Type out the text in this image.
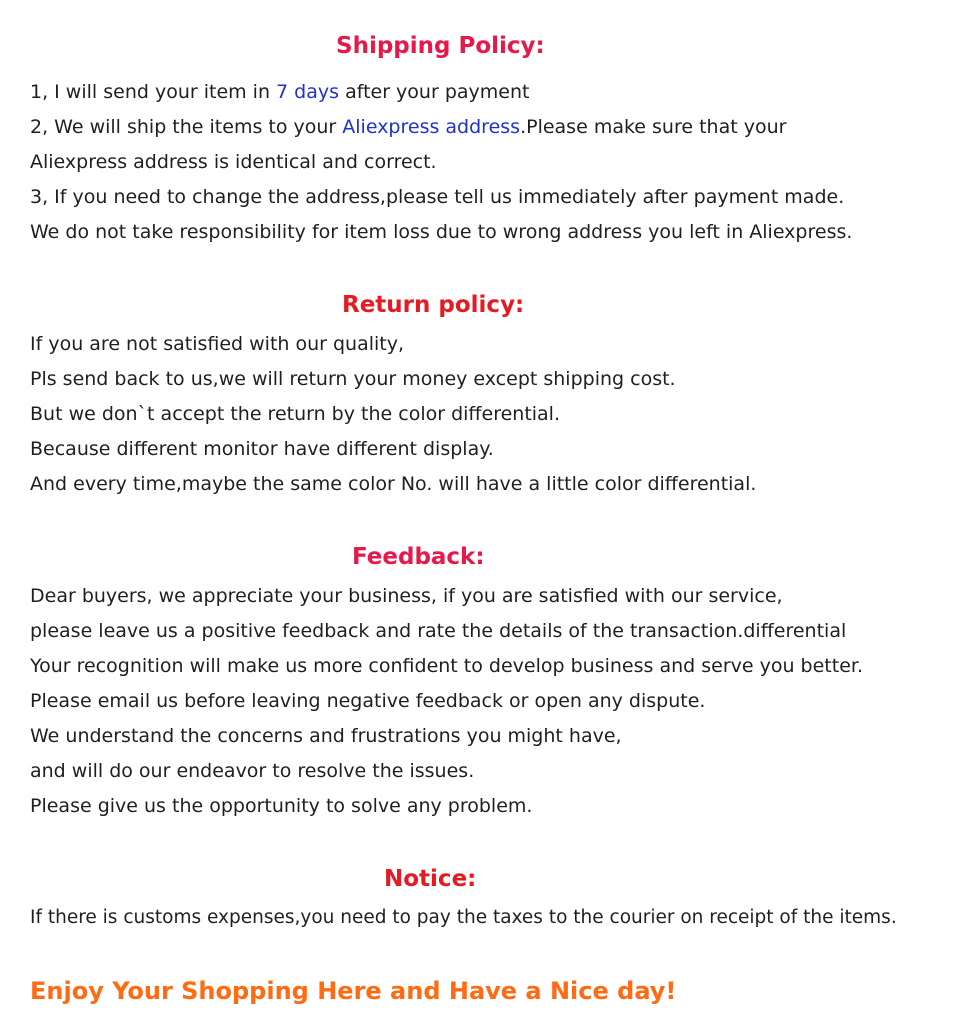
Shipping Policy:
1, I will send your item in 7 days after your payment
2, We will ship the items to your Aliexpress address.Please make sure that your
Aliexpress address is identical and correct.
3, If you need to change the address,please tell us immediately after payment made.
We do not take responsibility for item loss due to wrong address you left in Aliexpress.
Return policy:
If you are not satisfied with our quality,
Pls send back to us,we will return your money except shipping cost.
But we don`t accept the return by the color differential.
Because different monitor have different display.
And every time,maybe the same color No. will have a little color differential.
Feedback:
Dear buyers, we appreciate your business, if you are satisfied with our service,
please leave us a positive feedback and rate the details of the transaction.differential
Your recognition will make us more confident to develop business and serve you better.
Please email us before leaving negative feedback or open any dispute.
We understand the concerns and frustrations you might have,
and will do our endeavor to resolve the issues.
Please give us the opportunity to solve any problem.
Notice:
If there is customs expenses,you need to pay the taxes to the courier on receipt of the items.
Enjoy Your Shopping Here and Have a Nice day!
